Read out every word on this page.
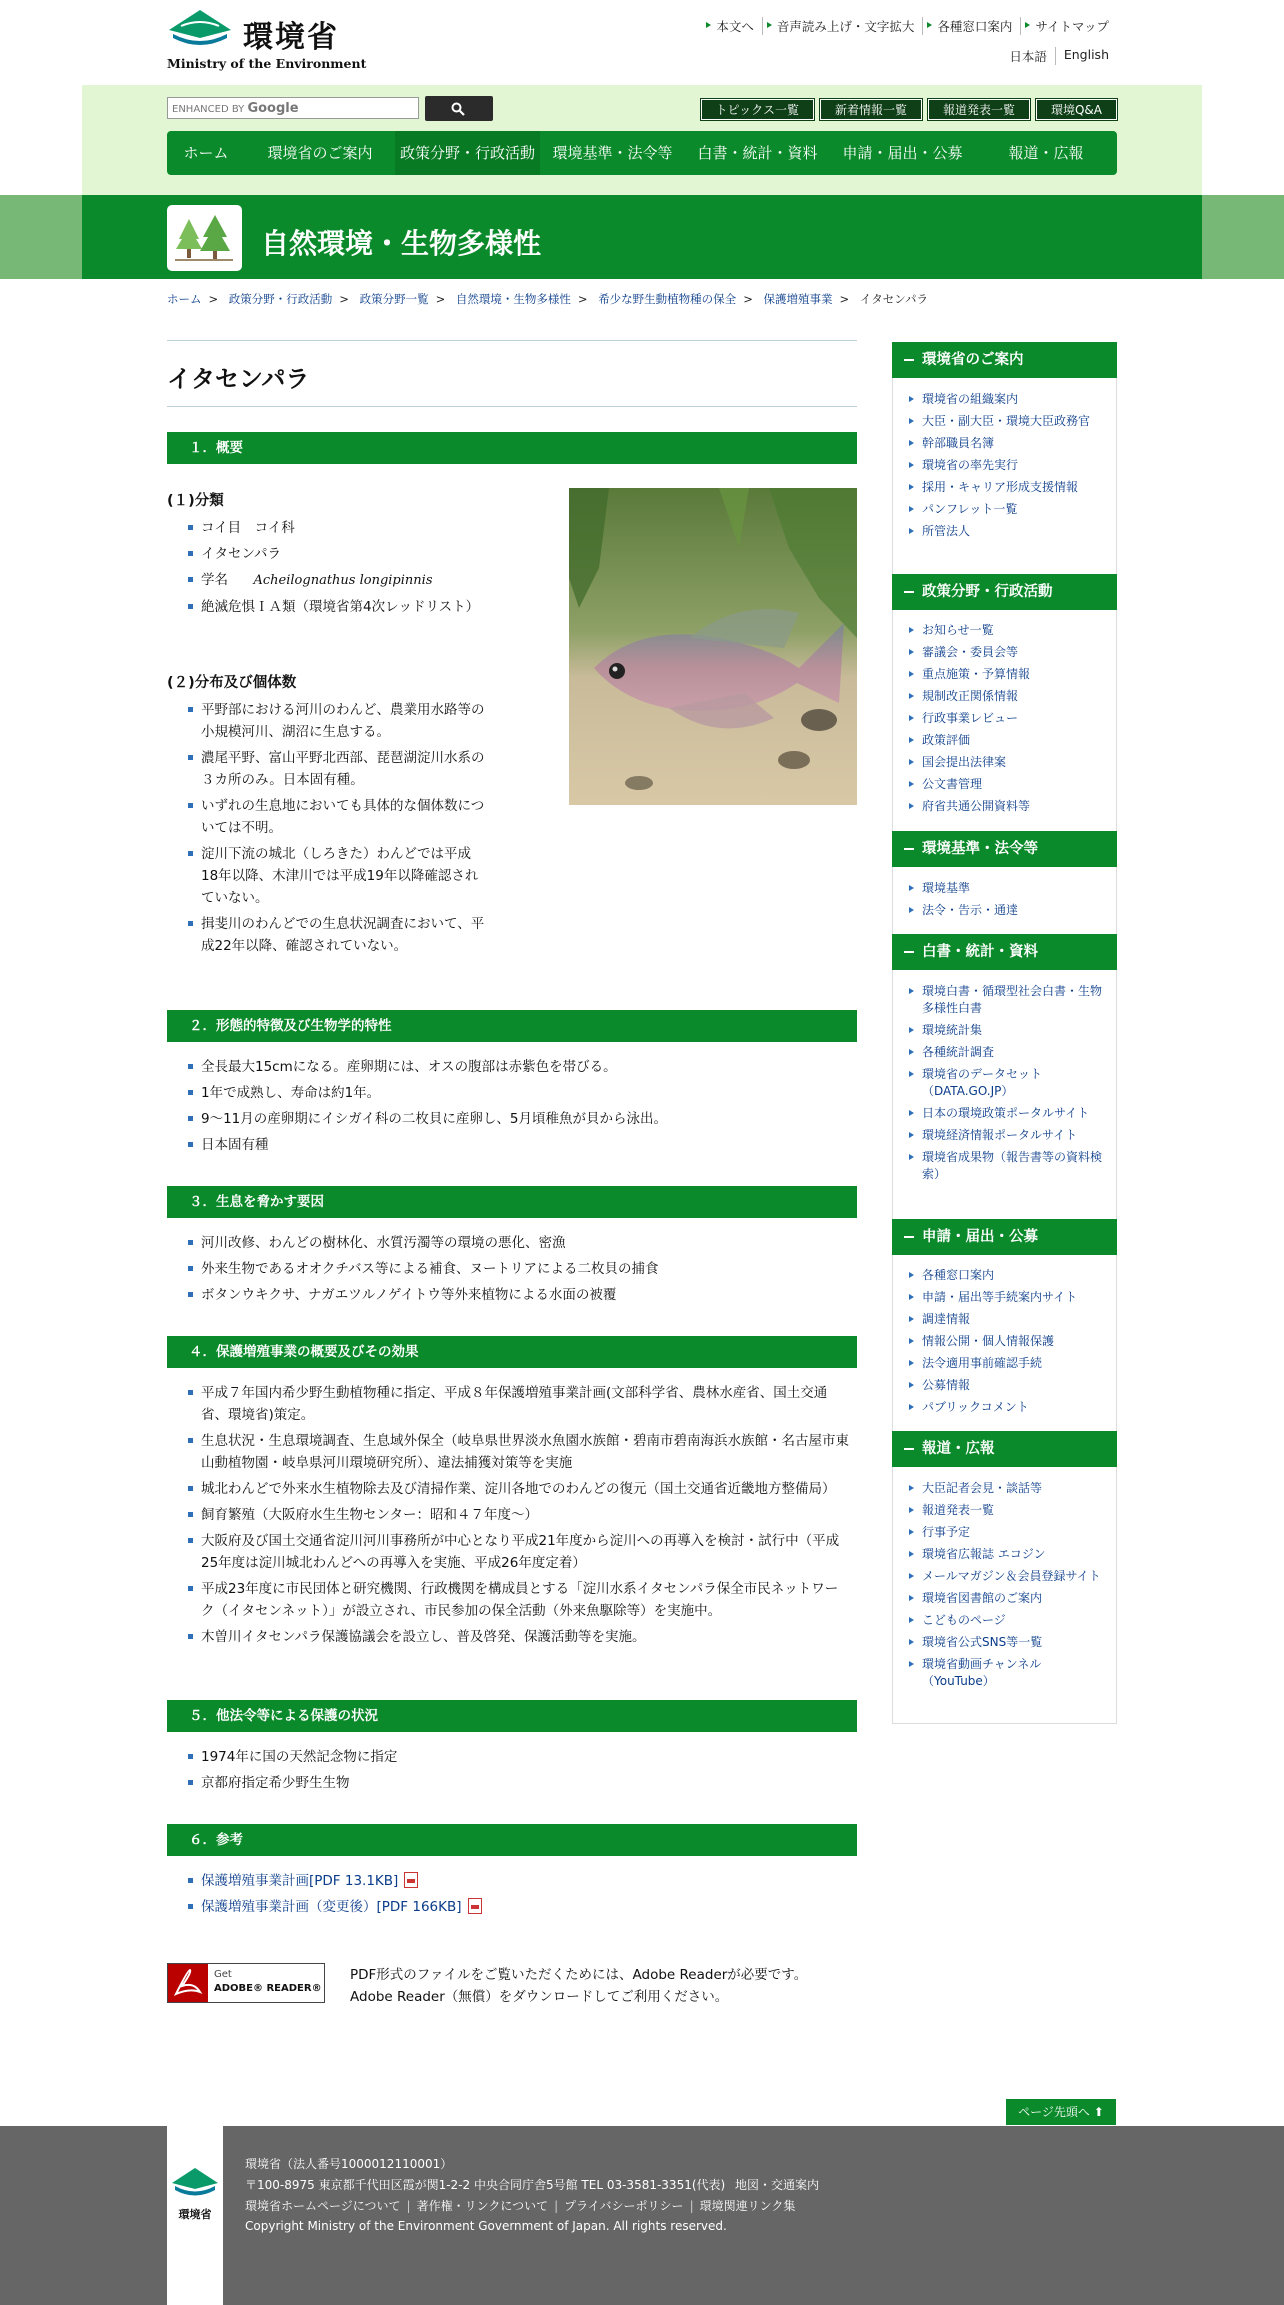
環境省
Ministry of the Environment
本文へ	音声読み上げ・文字拡大	各種窓口案内	サイトマップ
日本語	English
ENHANCED BY Google	トピックス一覧	新着情報一覧	報道発表一覧	環境Q&A
ホーム	環境省のご案内	政策分野・行政活動	環境基準・法令等	白書・統計・資料	申請・届出・公募	報道・広報
自然環境・生物多様性
ホーム > 政策分野・行政活動 > 政策分野一覧 > 自然環境・生物多様性 > 希少な野生動植物種の保全 > 保護増殖事業 > イタセンパラ
イタセンパラ
１．概要
(１)分類
コイ目　コイ科
イタセンパラ
学名　Acheilognathus longipinnis
絶滅危惧ＩＡ類（環境省第4次レッドリスト）
(２)分布及び個体数
平野部における河川のわんど、農業用水路等の小規模河川、湖沼に生息する。
濃尾平野、富山平野北西部、琵琶湖淀川水系の３カ所のみ。日本固有種。
いずれの生息地においても具体的な個体数については不明。
淀川下流の城北（しろきた）わんどでは平成18年以降、木津川では平成19年以降確認されていない。
揖斐川のわんどでの生息状況調査において、平成22年以降、確認されていない。
２．形態的特徴及び生物学的特性
全長最大15cmになる。産卵期には、オスの腹部は赤紫色を帯びる。
1年で成熟し、寿命は約1年。
9～11月の産卵期にイシガイ科の二枚貝に産卵し、5月頃稚魚が貝から泳出。
日本固有種
３．生息を脅かす要因
河川改修、わんどの樹林化、水質汚濁等の環境の悪化、密漁
外来生物であるオオクチバス等による補食、ヌートリアによる二枚貝の捕食
ボタンウキクサ、ナガエツルノゲイトウ等外来植物による水面の被覆
４．保護増殖事業の概要及びその効果
平成７年国内希少野生動植物種に指定、平成８年保護増殖事業計画(文部科学省、農林水産省、国土交通省、環境省)策定。
生息状況・生息環境調査、生息域外保全（岐阜県世界淡水魚園水族館・碧南市碧南海浜水族館・名古屋市東山動植物園・岐阜県河川環境研究所）、違法捕獲対策等を実施
城北わんどで外来水生植物除去及び清掃作業、淀川各地でのわんどの復元（国土交通省近畿地方整備局）
飼育繁殖（大阪府水生生物センター：昭和４７年度～）
大阪府及び国土交通省淀川河川事務所が中心となり平成21年度から淀川への再導入を検討・試行中（平成25年度は淀川城北わんどへの再導入を実施、平成26年度定着）
平成23年度に市民団体と研究機関、行政機関を構成員とする「淀川水系イタセンパラ保全市民ネットワーク（イタセンネット）」が設立され、市民参加の保全活動（外来魚駆除等）を実施中。
木曽川イタセンパラ保護協議会を設立し、普及啓発、保護活動等を実施。
５．他法令等による保護の状況
1974年に国の天然記念物に指定
京都府指定希少野生生物
６．参考
保護増殖事業計画[PDF 13.1KB]
保護増殖事業計画（変更後）[PDF 166KB]
Get
ADOBE® READER®
PDF形式のファイルをご覧いただくためには、Adobe Readerが必要です。
Adobe Reader（無償）をダウンロードしてご利用ください。
環境省のご案内
環境省の組織案内
大臣・副大臣・環境大臣政務官
幹部職員名簿
環境省の率先実行
採用・キャリア形成支援情報
パンフレット一覧
所管法人
政策分野・行政活動
お知らせ一覧
審議会・委員会等
重点施策・予算情報
規制改正関係情報
行政事業レビュー
政策評価
国会提出法律案
公文書管理
府省共通公開資料等
環境基準・法令等
環境基準
法令・告示・通達
白書・統計・資料
環境白書・循環型社会白書・生物多様性白書
環境統計集
各種統計調査
環境省のデータセット（DATA.GO.JP）
日本の環境政策ポータルサイト
環境経済情報ポータルサイト
環境省成果物（報告書等の資料検索）
申請・届出・公募
各種窓口案内
申請・届出等手続案内サイト
調達情報
情報公開・個人情報保護
法令適用事前確認手続
公募情報
パブリックコメント
報道・広報
大臣記者会見・談話等
報道発表一覧
行事予定
環境省広報誌 エコジン
メールマガジン＆会員登録サイト
環境省図書館のご案内
こどものページ
環境省公式SNS等一覧
環境省動画チャンネル（YouTube）
ページ先頭へ ⬆
環境省
環境省（法人番号1000012110001）
〒100-8975 東京都千代田区霞が関1-2-2 中央合同庁舎5号館 TEL 03-3581-3351(代表) 地図・交通案内
環境省ホームページについて | 著作権・リンクについて | プライバシーポリシー | 環境関連リンク集
Copyright Ministry of the Environment Government of Japan. All rights reserved.
